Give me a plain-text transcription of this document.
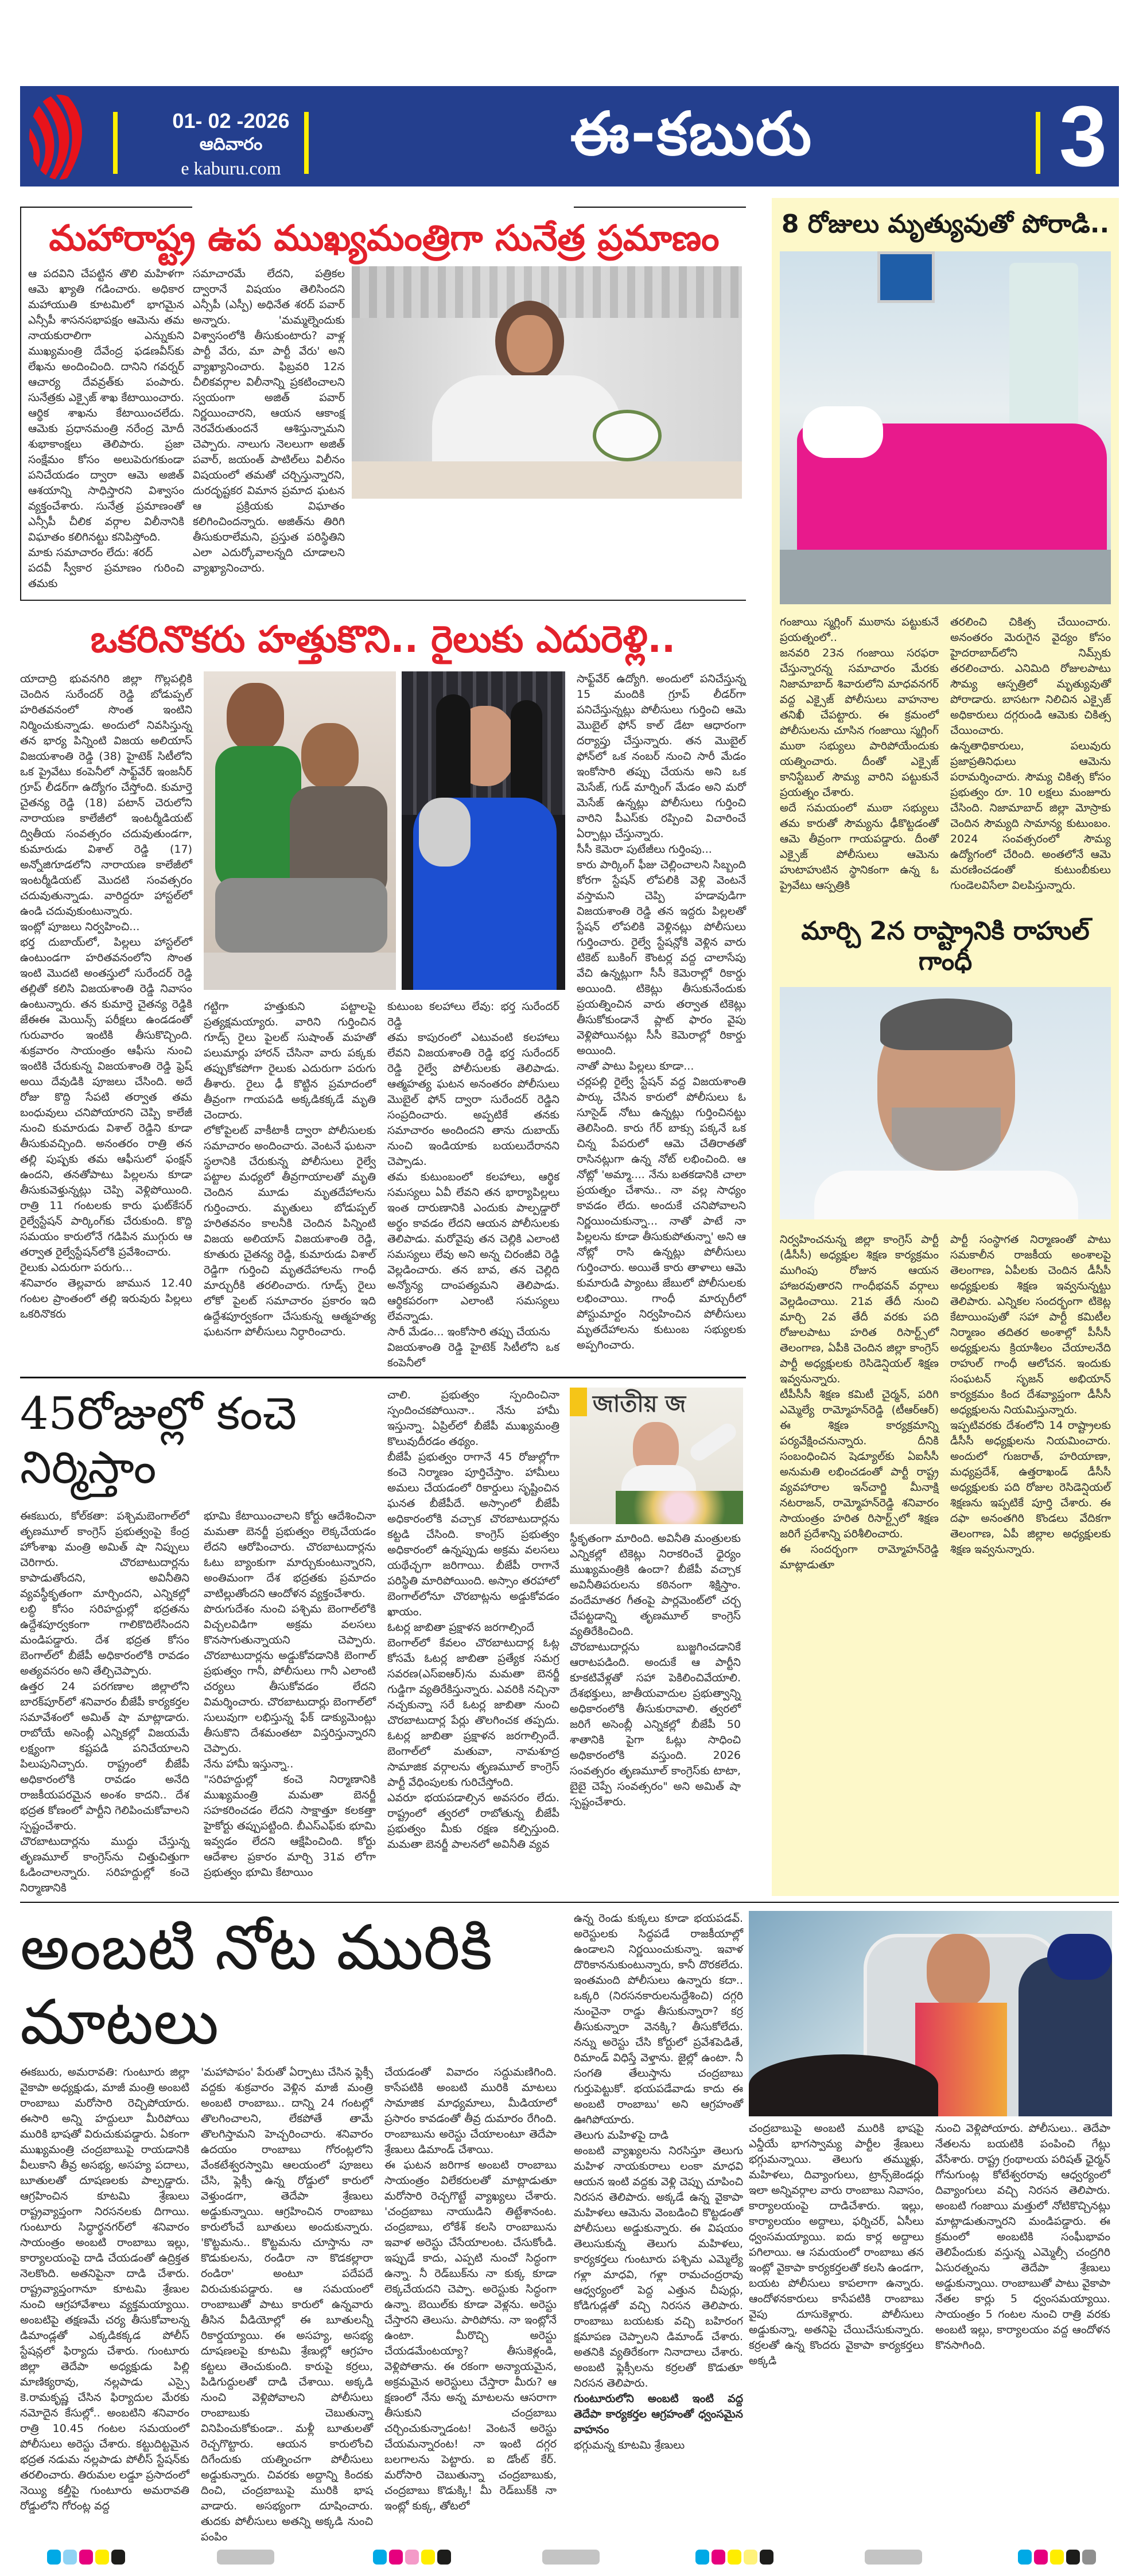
01- 02 -2026
ఆదివారం
e kaburu.com	ఈ-కబురు	3
మహారాష్ట్ర ఉప ముఖ్యమంత్రిగా సునేత్ర ప్రమాణం

ఆ పదవిని చేపట్టిన తొలి మహిళగా ఆమె ఖ్యాతి గడించారు. అధికార మహాయుతి కూటమిలో భాగమైన ఎన్సీపీ శాసనసభాపక్షం ఆమెను తమ నాయకురాలిగా ఎన్నుకుని ముఖ్యమంత్రి దేవేంద్ర ఫడణవీస్‌కు లేఖను అందించింది. దానిని గవర్నర్ ఆచార్య దేవవ్రత్‌కు పంపారు. సునేత్రకు ఎక్సైజ్ శాఖ కేటాయించారు. ఆర్థిక శాఖను కేటాయించలేదు. ఆమెకు ప్రధానమంత్రి నరేంద్ర మోదీ శుభాకాంక్షలు తెలిపారు. ప్రజా సంక్షేమం కోసం అలుపెరుగకుండా పనిచేయడం ద్వారా ఆమె అజిత్ ఆశయాన్ని సాధిస్తారని విశ్వాసం వ్యక్తంచేశారు. సునేత్ర ప్రమాణంతో ఎన్సీపీ చీలిక వర్గాల విలీనానికి విఘాతం కలిగినట్టు కనిపిస్తోంది.

మాకు సమాచారం లేదు: శరద్

పదవీ స్వీకార ప్రమాణం గురించి తమకు

సమాచారమే లేదని, పత్రికల ద్వారానే విషయం తెలిసిందని ఎన్సీపీ (ఎస్పీ) అధినేత శరద్ పవార్ అన్నారు. 'మమ్మల్నెందుకు విశ్వాసంలోకి తీసుకుంటారు? వాళ్ల పార్టీ వేరు, మా పార్టీ వేరు' అని వ్యాఖ్యానించారు. ఫిబ్రవరి 12న చీలికవర్గాల విలీనాన్ని ప్రకటించాలని స్వయంగా అజిత్ పవార్ నిర్ణయించారని, ఆయన ఆకాంక్ష నెరవేరుతుందనే ఆశిస్తున్నామని చెప్పారు. నాలుగు నెలలుగా అజిత్ పవార్, జయంత్ పాటిల్‌లు విలీనం విషయంలో తమతో చర్చిస్తున్నారని, దురదృష్టకర విమాన ప్రమాద ఘటన ఆ ప్రక్రియకు విఘాతం కలిగించిందన్నారు. అజిత్‌ను తిరిగి తీసుకురాలేమని, ప్రస్తుత పరిస్థితిని ఎలా ఎదుర్కోవాలన్నది చూడాలని వ్యాఖ్యానించారు.

ఒకరినొకరు హత్తుకొని.. రైలుకు ఎదురెళ్లి..

యాదాద్రి భువనగిరి జిల్లా గొల్లపల్లికి చెందిన సురేందర్ రెడ్డి బోడుప్పల్ హరితవనంలో సొంత ఇంటిని నిర్మించుకున్నాడు. అందులో నివసిస్తున్న తన భార్య పిన్నింటి విజయ అలియాస్ విజయశాంతి రెడ్డి (38) హైటెక్ సిటీలోని ఒక ప్రైవేటు కంపెనీలో సాఫ్ట్‌వేర్ ఇంజనీర్ గ్రూప్ లీడర్‌గా ఉద్యోగం చేస్తోంది. కుమార్తె చైతన్య రెడ్డి (18) పటాన్ చెరులోని నారాయణ కాలేజీలో ఇంటర్మీడియట్ ద్వితీయ సంవత్సరం చదువుతుండగా, కుమారుడు విశాల్ రెడ్డి (17) అన్నోజిగూడలోని నారాయణ కాలేజీలో ఇంటర్మీడియట్ మొదటి సంవత్సరం చదువుతున్నాడు. వారిద్దరూ హాస్టల్‌లో ఉండి చదువుకుంటున్నారు.

ఇంట్లో పూజలు నిర్వహించి...

భర్త దుబాయ్‌లో, పిల్లలు హాస్టల్‌లో ఉంటుండగా హరితవనంలోని సొంత ఇంటి మొదటి అంతస్తులో సురేందర్ రెడ్డి తల్లితో కలిసి విజయశాంతి రెడ్డి నివాసం ఉంటున్నారు. తన కుమార్తె చైతన్య రెడ్డికి జేఈఈ మెయిన్స్ పరీక్షలు ఉండడంతో గురువారం ఇంటికి తీసుకొచ్చింది. శుక్రవారం సాయంత్రం ఆఫీసు నుంచి ఇంటికి చేరుకున్న విజయశాంతి రెడ్డి ఫ్రెష్ అయి దేవుడికి పూజలు చేసింది. అదే రోజు కొద్ది సేపటి తర్వాత తమ బంధువులు చనిపోయారని చెప్పి కాలేజీ నుంచి కుమారుడు విశాల్ రెడ్డిని కూడా తీసుకువచ్చింది. అనంతరం రాత్రి తన తల్లి పుష్పకు తమ ఆఫీసులో ఫంక్షన్ ఉందని, తనతోపాటు పిల్లలను కూడా తీసుకువెళ్తున్నట్లు చెప్పి వెళ్లిపోయింది. రాత్రి 11 గంటలకు కారు ఘట్‌కేసర్ రైల్వేస్టేషన్ పార్కింగ్‌కు చేరుకుంది. కొద్ది సమయం కారులోనే గడిపిన ముగ్గురు ఆ తర్వాత రైల్వేస్టేషన్‌లోకి ప్రవేశించారు.

రైలుకు ఎదురుగా పరుగు...

శనివారం తెల్లవారు జామున 12.40 గంటల ప్రాంతంలో తల్లి ఇరువురు పిల్లలు ఒకరినొకరు

గట్టిగా హత్తుకుని పట్టాలపై ప్రత్యక్షమయ్యారు. వారిని గుర్తించిన గూడ్స్ రైలు పైలట్ సుషాంత్ మహతో పలుమార్లు హారన్ చేసినా వారు పక్కకు తప్పుకోకపోగా రైలుకు ఎదురుగా పరుగు తీశారు. రైలు ఢీ కొట్టిన ప్రమాదంలో తీవ్రంగా గాయపడి అక్కడికక్కడే మృతి చెందారు.

లోకోపైలట్ వాకీటాకీ ద్వారా పోలీసులకు సమాచారం అందించారు. వెంటనే ఘటనా స్థలానికి చేరుకున్న పోలీసులు రైల్వే పట్టాల మధ్యలో తీవ్రగాయాలతో మృతి చెందిన మూడు మృతదేహాలను గుర్తించారు. మృతులు బోడుప్పల్ హరితవనం కాలనీకి చెందిన పిన్నింటి విజయ అలియాస్ విజయశాంతి రెడ్డి, కూతురు చైతన్య రెడ్డి, కుమారుడు విశాల్ రెడ్డిగా గుర్తించి మృతదేహాలను గాంధీ మార్చురీకి తరలించారు. గూడ్స్ రైలు లోకో పైలట్ సమాచారం ప్రకారం ఇది ఉద్దేశపూర్వకంగా చేసుకున్న ఆత్మహత్య ఘటనగా పోలీసులు నిర్ధారించారు.

కుటుంబ కలహాలు లేవు: భర్త సురేందర్ రెడ్డి

తమ కాపురంలో ఎటువంటి కలహాలు లేవని విజయశాంతి రెడ్డి భర్త సురేందర్ రెడ్డి రైల్వే పోలీసులకు తెలిపాడు. ఆత్మహత్య ఘటన అనంతరం పోలీసులు మొబైల్ ఫోన్ ద్వారా సురేందర్ రెడ్డిని సంప్రదించారు. అప్పటికే తనకు సమాచారం అందిందని తాను దుబాయ్ నుంచి ఇండియాకు బయలుదేరానని చెప్పాడు.

తమ కుటుంబంలో కలహాలు, ఆర్థిక సమస్యలు ఏవీ లేవని తన భార్యాపిల్లలు ఇంత దారుణానికి ఎందుకు పాల్పడ్డారో అర్థం కావడం లేదని ఆయన పోలీసులకు తెలిపాడు. మరోవైపు తన చెల్లికి ఎలాంటి సమస్యలు లేవు అని అన్న చిరంజీవి రెడ్డి వెల్లడించారు. తన బావ, తన చెల్లిది అన్యోన్య దాంపత్యమని తెలిపాడు. ఆర్థికపరంగా ఎలాంటి సమస్యలు లేవన్నాడు.

సారీ మేడం... ఇంకోసారి తప్పు చేయను

విజయశాంతి రెడ్డి హైటెక్ సిటీలోని ఒక కంపెనీలో

సాఫ్ట్‌వేర్ ఉద్యోగి. అందులో పనిచేస్తున్న 15 మందికి గ్రూప్ లీడర్‌గా పనిచేస్తున్నట్లు పోలీసులు గుర్తించి ఆమె మొబైల్ ఫోన్ కాల్ డేటా ఆధారంగా దర్యాప్తు చేస్తున్నారు. తన మొబైల్ ఫోన్‌లో ఒక నంబర్ నుంచి సారీ మేడం ఇంకోసారి తప్పు చేయను అని ఒక మెసేజ్, గుడ్ మార్నింగ్ మేడం అని మరో మెసేజ్ ఉన్నట్లు పోలీసులు గుర్తించి వారిని పీఎస్‌కు రప్పించి విచారించే ఏర్పాట్లు చేస్తున్నారు.

సీసీ కెమెరా పుటేజీలు గుర్తింపు...

కారు పార్కింగ్ ఫీజు చెల్లించాలని సిబ్బంది కోరగా స్టేషన్ లోపలికి వెళ్లి వెంటనే వస్తామని చెప్పి హడావుడిగా విజయశాంతి రెడ్డి తన ఇద్దరు పిల్లలతో స్టేషన్ లోపలికి వెళ్లినట్లు పోలీసులు గుర్తించారు. రైల్వే స్టేషన్లోకి వెళ్లిన వారు టికెట్ బుకింగ్ కౌంటర్ల వద్ద చాలాసేపు వేచి ఉన్నట్లుగా సీసీ కెమెరాల్లో రికార్డు అయింది. టికెట్లు తీసుకునేందుకు ప్రయత్నించిన వారు తర్వాత టికెట్లు తీసుకోకుండానే ప్లాట్ ఫారం వైపు వెళ్లిపోయినట్లు సీసీ కెమెరాల్లో రికార్డు అయింది.

నాతో పాటు పిల్లలు కూడా...

చర్లపల్లి రైల్వే స్టేషన్ వద్ద విజయశాంతి పార్కు చేసిన కారులో పోలీసులు ఓ సూసైడ్ నోటు ఉన్నట్లు గుర్తించినట్టు తెలిసింది. కారు గేర్ బాక్సు పక్కనే ఒక చిన్న పేపరులో ఆమె చేతిరాతతో రాసినట్లుగా ఉన్న నోట్ లభించింది. ఆ నోట్లో 'అమ్మా.... నేను బతకడానికి చాలా ప్రయత్నం చేశాను.. నా వల్ల సాధ్యం కావడం లేదు. అందుకే చనిపోవాలని నిర్ణయించుకున్నా... నాతో పాటే నా పిల్లలను కూడా తీసుకుపోతున్నా' అని ఆ నోట్లో రాసి ఉన్నట్లు పోలీసులు గుర్తించారు. అయితే కారు తాళాలు ఆమె కుమారుడి ప్యాంటు జేబులో పోలీసులకు లభించాయి. గాంధీ మార్చురీలో పోస్టుమార్టం నిర్వహించిన పోలీసులు మృతదేహాలను కుటుంబ సభ్యులకు అప్పగించారు.

45రోజుల్లో కంచె నిర్మిస్తాం

ఈకబురు, కోల్‌కతా: పశ్చిమబెంగాల్‌లో తృణమూల్ కాంగ్రెస్ ప్రభుత్వంపై కేంద్ర హోంశాఖ మంత్రి అమిత్ షా నిప్పులు చెరిగారు. చొరబాటుదార్లను కాపాడుతోందని, అవినీతిని వ్యవస్థీకృతంగా మార్చిందని, ఎన్నికల్లో లబ్ధి కోసం సరిహద్దుల్లో భద్రతను ఉద్దేశపూర్వకంగా గాలికొదిలేసిందని మండిపడ్డారు. దేశ భద్రత కోసం బెంగాల్‌లో బీజేపీ అధికారంలోకి రావడం అత్యవసరం అని తేల్చిచెప్పారు.

ఉత్తర 24 పరగణాల జిల్లాలోని బారక్‌పూర్‌లో శనివారం బీజేపీ కార్యకర్తల సమావేశంలో అమిత్ షా మాట్లాడారు. రాబోయే అసెంబ్లీ ఎన్నికల్లో విజయమే లక్ష్యంగా కష్టపడి పనిచేయాలని పిలుపునిచ్చారు. రాష్ట్రంలో బీజేపీ అధికారంలోకి రావడం అనేది రాజకీయపరమైన అంశం కాదని.. దేశ భద్రత కోణంలో పార్టీని గెలిపించుకోవాలని స్పష్టంచేశారు.

చొరబాటుదార్లను ముద్దు చేస్తున్న తృణమూల్ కాంగ్రెస్‌ను చిత్తుచిత్తుగా ఓడించాలన్నారు. సరిహద్దుల్లో కంచె నిర్మాణానికి

భూమి కేటాయించాలని కోర్టు ఆదేశించినా మమతా బెనర్జీ ప్రభుత్వం లెక్కచేయడం లేదని ఆరోపించారు. చొరబాటుదార్లను ఓటు బ్యాంకుగా మార్చుకుంటున్నారని, అంతిమంగా దేశ భద్రతకు ప్రమాదం వాటిల్లుతోందని ఆందోళన వ్యక్తంచేశారు.

పొరుగుదేశం నుంచి పశ్చిమ బెంగాల్‌లోకి విచ్చలవిడిగా అక్రమ వలసలు కొనసాగుతున్నాయని చెప్పారు. చొరబాటుదార్లను అడ్డుకోవడానికి బెంగాల్ ప్రభుత్వం గానీ, పోలీసులు గానీ ఎలాంటి చర్యలు తీసుకోవడం లేదని విమర్శించారు. చొరబాటుదార్లు బెంగాల్‌లో సులువుగా లభిస్తున్న ఫేక్ డాక్యుమెంట్లు తీసుకొని దేశమంతటా విస్తరిస్తున్నారని చెప్పారు.

నేను హామీ ఇస్తున్నా..

"సరిహద్దుల్లో కంచె నిర్మాణానికి ముఖ్యమంత్రి మమతా బెనర్జీ సహకరించడం లేదని సాక్షాత్తూ కలకత్తా హైకోర్టు తప్పుపట్టింది. బీఎస్ఎఫ్‌కు భూమి ఇవ్వడం లేదని ఆక్షేపించింది. కోర్టు ఆదేశాల ప్రకారం మార్చి 31వ లోగా ప్రభుత్వం భూమి కేటాయిం

చాలి. ప్రభుత్వం స్పందించినా స్పందించకపోయినా.. నేను హామీ ఇస్తున్నా. ఏప్రిల్‌లో బీజేపీ ముఖ్యమంత్రి కొలువుదీరడం తథ్యం.

బీజేపీ ప్రభుత్వం రాగానే 45 రోజుల్లోగా కంచె నిర్మాణం పూర్తిచేస్తాం. హామీలు అమలు చేయడంలో రికార్డులు సృష్టించిన ఘనత బీజేపీదే. అస్సాంలో బీజేపీ అధికారంలోకి వచ్చాక చొరబాటుదార్లను కట్టడి చేసింది. కాంగ్రెస్ ప్రభుత్వం అధికారంలో ఉన్నప్పుడు అక్రమ వలసలు యథేచ్ఛగా జరిగాయి. బీజేపీ రాగానే పరిస్థితి మారిపోయింది. అస్సాం తరహాలో బెంగాల్‌లోనూ చొరబాట్లను అడ్డుకోవడం ఖాయం.

ఓటర్ల జాబితా ప్రక్షాళన జరగాల్సిందే

బెంగాల్‌లో కేవలం చొరబాటుదార్ల ఓట్ల కోసమే ఓటర్ల జాబితా ప్రత్యేక సమగ్ర సవరణ(ఎస్ఐఆర్)ను మమతా బెనర్జీ గుడ్డిగా వ్యతిరేకిస్తున్నారు. ఎవరికి నచ్చినా నచ్చకున్నా సరే ఓటర్ల జాబితా నుంచి చొరబాటుదార్ల పేర్లు తొలగించక తప్పదు. ఓటర్ల జాబితా ప్రక్షాళన జరగాల్సిందే. బెంగాల్‌లో మతువా, నామశూద్ర సామాజిక వర్గాలను తృణమూల్ కాంగ్రెస్ పార్టీ వేధింపులకు గురిచేస్తోంది.

ఎవరూ భయపడాల్సిన అవసరం లేదు. రాష్ట్రంలో త్వరలో రాబోతున్న బీజేపీ ప్రభుత్వం మీకు రక్షణ కల్పిస్తుంది. మమతా బెనర్జీ పాలనలో అవినీతి వ్యవ

জাতীয় জ

స్థీకృతంగా మారింది. అవినీతి మంత్రులకు ఎన్నికల్లో టికెట్లు నిరాకరించే ధైర్యం ముఖ్యమంత్రికి ఉందా? బీజేపీ వచ్చాక అవినీతిపరులను కఠినంగా శిక్షిస్తాం. వందేమాతర గీతంపై పార్లమెంట్‌లో చర్చ చేపట్టడాన్ని తృణమూల్ కాంగ్రెస్ వ్యతిరేకించింది.

చొరబాటుదార్లను బుజ్జగించడానికే ఆరాటపడింది. అందుకే ఆ పార్టీని కూకటివేళ్లతో సహా పెకిలించివేయాలి. దేశభక్తులు, జాతీయవాదుల ప్రభుత్వాన్ని అధికారంలోకి తీసుకురావాలి. త్వరలో జరిగే అసెంబ్లీ ఎన్నికల్లో బీజేపీ 50 శాతానికి పైగా ఓట్లు సాధించి అధికారంలోకి వస్తుంది. 2026 సంవత్సరం తృణమూల్ కాంగ్రెస్‌కు టాటా, బైబై చెప్పే సంవత్సరం" అని అమిత్ షా స్పష్టంచేశారు.

8 రోజులు మృత్యువుతో పోరాడి..

గంజాయి స్మగ్లింగ్ ముఠాను పట్టుకునే ప్రయత్నంలో..

జనవరి 23న గంజాయి సరఫరా చేస్తున్నారన్న సమాచారం మేరకు నిజామాబాద్ శివారులోని మాధవనగర్ వద్ద ఎక్సైజ్ పోలీసులు వాహనాల తనిఖీ చేపట్టారు. ఈ క్రమంలో పోలీసులను చూసిన గంజాయి స్మగ్లింగ్ ముఠా సభ్యులు పారిపోయేందుకు యత్నించారు. దీంతో ఎక్సైజ్ కానిస్టేబుల్ సౌమ్య వారిని పట్టుకునే ప్రయత్నం చేశారు.

అదే సమయంలో ముఠా సభ్యులు తమ కారుతో సౌమ్యను ఢీకొట్టడంతో ఆమె తీవ్రంగా గాయపడ్డారు. దీంతో ఎక్సైజ్ పోలీసులు ఆమెను హుటాహుటిన స్థానికంగా ఉన్న ఓ ప్రైవేటు ఆస్పత్రికి

తరలించి చికిత్స చేయించారు. అనంతరం మెరుగైన వైద్యం కోసం హైదరాబాద్‌లోని నిమ్స్‌కు తరలించారు. ఎనిమిది రోజులపాటు సౌమ్య ఆస్పత్రిలో మృత్యువుతో పోరాడారు. బాసటగా నిలిచిన ఎక్సైజ్ అధికారులు దగ్గరుండి ఆమెకు చికిత్స చేయించారు.

ఉన్నతాధికారులు, పలువురు ప్రజాప్రతినిధులు ఆమెను పరామర్శించారు. సౌమ్య చికిత్స కోసం ప్రభుత్వం రూ. 10 లక్షలు మంజూరు చేసింది. నిజామాబాద్ జిల్లా మోస్రాకు చెందిన సౌమ్యది సామాన్య కుటుంబం. 2024 సంవత్సరంలో సౌమ్య ఉద్యోగంలో చేరింది. అంతలోనే ఆమె మరణించడంతో కుటుంబీకులు గుండెలవిసేలా విలపిస్తున్నారు.

మార్చి 2న రాష్ట్రానికి రాహుల్ గాంధీ

నిర్వహించనున్న జిల్లా కాంగ్రెస్ పార్టీ (డీసీసీ) అధ్యక్షుల శిక్షణ కార్యక్రమం ముగింపు రోజున ఆయన హాజరవుతారని గాంధీభవన్ వర్గాలు వెల్లడించాయి. 21వ తేదీ నుంచి మార్చి 2వ తేదీ వరకు పది రోజులపాటు హరిత రిసార్ట్స్‌లో తెలంగాణ, ఏపీకి చెందిన జిల్లా కాంగ్రెస్ పార్టీ అధ్యక్షులకు రెసిడెన్షియల్ శిక్షణ ఇవ్వనున్నారు.

టీపీసీసీ శిక్షణ కమిటీ చైర్మన్, పరిగి ఎమ్మెల్యే రామ్మోహన్‌రెడ్డి (టీఆర్ఆర్) ఈ శిక్షణ కార్యక్రమాన్ని పర్యవేక్షించనున్నారు. దీనికి సంబంధించిన షెడ్యూల్‌కు ఏఐసీసీ అనుమతి లభించడంతో పార్టీ రాష్ట్ర వ్యవహారాల ఇన్‌చార్జి మీనాక్షి నటరాజన్, రామ్మోహన్‌రెడ్డి శనివారం సాయంత్రం హరిత రిసార్ట్స్‌లో శిక్షణ జరిగే ప్రదేశాన్ని పరిశీలించారు.

ఈ సందర్భంగా రామ్మోహన్‌రెడ్డి మాట్లాడుతూ

పార్టీ సంస్థాగత నిర్మాణంతో పాటు సమకాలీన రాజకీయ అంశాలపై తెలంగాణ, ఏపీలకు చెందిన డీసీసీ అధ్యక్షులకు శిక్షణ ఇవ్వనున్నట్టు తెలిపారు. ఎన్నికల సందర్భంగా టికెట్ల కేటాయింపుతో సహా పార్టీ కమిటీల నిర్మాణం తదితర అంశాల్లో పీసీసీ అధ్యక్షులను క్రియాశీలం చేయాలనేది రాహుల్ గాంధీ ఆలోచన. ఇందుకు సంఘటన్ సృజన్ అభియాన్ కార్యక్రమం కింద దేశవ్యాప్తంగా డీసీసీ అధ్యక్షులను నియమిస్తున్నారు.

ఇప్పటివరకు దేశంలోని 14 రాష్ట్రాలకు డీసీసీ అధ్యక్షులను నియమించారు. అందులో గుజరాత్, హరియాణా, మధ్యప్రదేశ్, ఉత్తరాఖండ్ డీసీసీ అధ్యక్షులకు పది రోజుల రెసిడెన్షియల్ శిక్షణను ఇప్పటికే పూర్తి చేశారు. ఈ దఫా అనంతగిరి కొండలు వేదికగా తెలంగాణ, ఏపీ జిల్లాల అధ్యక్షులకు శిక్షణ ఇవ్వనున్నారు.

అంబటి నోట మురికి మాటలు

ఈకబురు, అమరావతి: గుంటూరు జిల్లా వైకాపా అధ్యక్షుడు, మాజీ మంత్రి అంబటి రాంబాబు మరోసారి రెచ్చిపోయారు. ఈసారి అన్ని హద్దులూ మీరిపోయి మురికి భాషతో విరుచుకుపడ్డారు. ఏకంగా ముఖ్యమంత్రి చంద్రబాబుపై రాయడానికి వీలుకాని తీవ్ర అసభ్య, అసహ్య పదాలు, బూతులతో దూషణలకు పాల్పడ్డారు. ఆగ్రహించిన కూటమి శ్రేణులు రాష్ట్రవ్యాప్తంగా నిరసనలకు దిగాయి. గుంటూరు సిద్ధార్థనగర్‌లో శనివారం సాయంత్రం అంబటి రాంబాబు ఇల్లు, కార్యాలయంపై దాడి చేయడంతో ఉద్రిక్తత నెలకొంది. అతనిపైనా దాడి చేశారు. రాష్ట్రవ్యాప్తంగానూ కూటమి శ్రేణుల నుంచి ఆగ్రహావేశాలు వ్యక్తమయ్యాయి. అంబటిపై తక్షణమే చర్య తీసుకోవాలన్న డిమాండ్లతో ఎక్కడికక్కడ పోలీస్ స్టేషన్లలో ఫిర్యాదు చేశారు. గుంటూరు జిల్లా తెదేపా అధ్యక్షుడు పిల్లి మాణిక్యరావు, నల్లపాడు ఎస్సై కె.రామకృష్ణ చేసిన ఫిర్యాదుల మేరకు నమోదైన కేసుల్లో.. అంబటిని శనివారం రాత్రి 10.45 గంటల సమయంలో పోలీసులు అరెస్టు చేశారు. కట్టుదిట్టమైన భద్రత నడుమ నల్లపాడు పోలీస్ స్టేషన్‌కు తరలించారు. తిరుమల లడ్డూ ప్రసాదంలో నెయ్యి కల్తీపై గుంటూరు అమరావతి రోడ్డులోని గోరంట్ల వద్ద

'మహాపాపం' పేరుతో ఏర్పాటు చేసిన ఫ్లెక్సీ వద్దకు శుక్రవారం వెళ్లిన మాజీ మంత్రి అంబటి రాంబాబు.. దాన్ని 24 గంటల్లో తొలగించాలని, లేకపోతే తామే తొలగిస్తామని హెచ్చరించారు. శనివారం ఉదయం రాంబాబు గోరంట్లలోని వేంకటేశ్వరస్వామి ఆలయంలో పూజలు చేసి, ఫ్లెక్సీ ఉన్న రోడ్డులో కారులో వెళ్తుండగా, తెదేపా శ్రేణులు అడ్డుకున్నాయి. ఆగ్రహించిన రాంబాబు కారులోంచే బూతులు అందుకున్నారు. 'కొట్టమను.. కొట్టమను చూస్తాను నా కొడుకులను, రండిరా నా కొడకల్లారా రండిరా' అంటూ పదేపదే విరుచుకుపడ్డారు. ఆ సమయంలో రాంబాబుతో పాటు కారులో ఉన్నవారు తీసిన వీడియోల్లో ఈ బూతులన్నీ రికార్డయ్యాయి. ఈ అసహ్య, అసభ్య దూషణలపై కూటమి శ్రేణుల్లో ఆగ్రహం కట్టలు తెంచుకుంది. కారుపై కర్రలు, పిడిగుద్దులతో దాడి చేశాయి. అక్కడి నుంచి వెళ్లిపోవాలని పోలీసులు రాంబాబుకు చెబుతున్నా వినిపించుకోకుండా.. మళ్లీ బూతులతో రెచ్చగొట్టారు. ఆయన కారులోంచి దిగేందుకు యత్నించగా పోలీసులు అడ్డుకున్నారు. చివరకు అద్దాన్ని కిందకు దించి, చంద్రబాబుపై మురికి భాష వాడారు. అసభ్యంగా దూషించారు. తుదకు పోలీసులు అతన్ని అక్కడి నుంచి పంపిం

చేయడంతో వివాదం సద్దుమణిగింది. కాసేపటికి అంబటి మురికి మాటలు సామాజిక మాధ్యమాలు, మీడియాలో ప్రసారం కావడంతో తీవ్ర దుమారం రేగింది. రాంబాబును అరెస్టు చేయాలంటూ తెదేపా శ్రేణులు డిమాండ్ చేశాయి.

ఈ ఘటన జరిగాక అంబటి రాంబాబు సాయంత్రం విలేకరులతో మాట్లాడుతూ మరోసారి రెచ్చగొట్టే వ్యాఖ్యలు చేశారు. 'చంద్రబాబు నాయుడిని తిట్టేశానంట. చంద్రబాబు, లోకేశ్ కలసి రాంబాబును ఇవాళ అరెస్టు చేసేయాలంట. చేసుకోండి. ఇప్పుడే కాదు, ఎప్పటి నుంచో సిద్ధంగా ఉన్నా. నీ రెడ్‌బుక్‌ను నా కుక్క కూడా లెక్కచేయదని చెప్పా. అరెస్టుకు సిద్ధంగా ఉన్నా. బెయిల్‌కు కూడా వెళ్లను. అరెస్టు చేస్తారని తెలుసు. పారిపోను. నా ఇంట్లోనే ఉంటా. మీరొచ్చి అరెస్టు చేయడమేంటయ్యా? తీసుకెళ్లండి, వెళ్లిపోతాను. ఈ రకంగా అన్యాయమైన, అక్రమమైన అరెస్టులు చేస్తారా మీరు? ఆ క్షణంలో నేను అన్న మాటలను ఆసరాగా తీసుకుని చంద్రబాబు చర్చించుకున్నాడంట! వెంటనే అరెస్టు చేయమన్నారంట! నా ఇంటి దగ్గర బలగాలను పెట్టారు. ఐ డోంట్ కేర్. మరోసారి చెబుతున్నా చంద్రబాబుకు, చంద్రబాబు కొడుక్కి! మీ రెడ్‌బుక్‌కి నా ఇంట్లో కుక్క, తోటలో

ఉన్న రెండు కుక్కలు కూడా భయపడవ్. అరెస్టులకు సిద్ధపడే రాజకీయాల్లో ఉండాలని నిర్ణయించుకున్నా. ఇవాళ దొరికాననుకుంటున్నారు, కానీ దొరకలేదు. ఇంతమంది పోలీసులు ఉన్నారు కదా.. ఒక్కరి (నిరసనకారులనుద్దేశించి) దగ్గరి నుంచైనా రాడ్డు తీసుకున్నారా? కర్ర తీసుకున్నారా వెనక్కి? తీసుకోలేదు. నన్ను అరెస్టు చేసి కోర్టులో ప్రవేశపెడితే, రిమాండ్ విధిస్తే వెళ్తాను. జైల్లో ఉంటా. నీ సంగతి తేలుస్తాను చంద్రబాబు గుర్తుపెట్టుకో. భయపడేవాడు కాదు ఈ అంబటి రాంబాబు' అని ఆగ్రహంతో ఊగిపోయారు.

తెలుగు మహిళపై దాడి

అంబటి వ్యాఖ్యలను నిరసిస్తూ తెలుగు మహిళ నాయకురాలు లంకా మాధవి ఆయన ఇంటి వద్దకు వెళ్లి చెప్పు చూపించి నిరసన తెలిపారు. అక్కడే ఉన్న వైకాపా మహిళలు ఆమెను వెంబడించి కొట్టడంతో పోలీసులు అడ్డుకున్నారు. ఈ విషయం తెలుసుకున్న తెలుగు మహిళలు, కార్యకర్తలు గుంటూరు పశ్చిమ ఎమ్మెల్యే గళ్లా మాధవి, గళ్లా రామచంద్రరావు ఆధ్వర్యంలో పెద్ద ఎత్తున చీపుర్లు, కోడిగుడ్లతో వచ్చి నిరసన తెలిపారు. రాంబాబు బయటకు వచ్చి బహిరంగ క్షమాపణ చెప్పాలని డిమాండ్ చేశారు. అతనికి వ్యతిరేకంగా నినాదాలు చేశారు. అంబటి ఫ్లెక్సీలను కర్రలతో కొడుతూ నిరసన తెలిపారు.

గుంటూరులోని అంబటి ఇంటి వద్ద తెదేపా కార్యకర్తల ఆగ్రహంతో ధ్వంసమైన వాహనం

భగ్గుమన్న కూటమి శ్రేణులు

చంద్రబాబుపై అంబటి మురికి భాషపై ఎన్డీయే భాగస్వామ్య పార్టీల శ్రేణులు భగ్గుమన్నాయి. తెలుగు తమ్ముళ్లు, మహిళలు, దివ్యాంగులు, ట్రాన్స్‌జెండర్లు ఇలా అన్నివర్గాల వారు రాంబాబు నివాసం, కార్యాలయంపై దాడిచేశారు. ఇల్లు, కార్యాలయం అద్దాలు, ఫర్నిచర్, ఏసీలు ధ్వంసమయ్యాయి. ఐదు కార్ల అద్దాలు పగిలాయి. ఆ సమయంలో రాంబాబు తన ఇంట్లో వైకాపా కార్యకర్తలతో కలసి ఉండగా, బయట పోలీసులు కాపలాగా ఉన్నారు. ఆందోళనకారులు కాసేపటికి రాంబాబు వైపు దూసుకెళ్లారు. పోలీసులు అడ్డుకున్నా, అతనిపై చేయిచేసుకున్నారు. కర్రలతో ఉన్న కొందరు వైకాపా కార్యకర్తలు అక్కడి

నుంచి వెళ్లిపోయారు. పోలీసులు.. తెదేపా నేతలను బయటికి పంపించి గేట్లు వేసేశారు. రాష్ట్ర గ్రంథాలయ పరిషత్ ఛైర్మన్ గోనుగుంట్ల కోటేశ్వరరావు ఆధ్వర్యంలో దివ్యాంగులు వచ్చి నిరసన తెలిపారు. అంబటి గంజాయి మత్తులో నోటికొచ్చినట్లు మాట్లాడుతున్నారని మండిపడ్డారు. ఈ క్రమంలో అంబటికి సంఘీభావం తెలిపేందుకు వస్తున్న ఎమ్మెల్సీ చంద్రగిరి ఏసురత్నంను తెదేపా శ్రేణులు అడ్డుకున్నాయి. రాంబాబుతో పాటు వైకాపా నేతల కార్లు 5 ధ్వంసమయ్యాయి. సాయంత్రం 5 గంటల నుంచి రాత్రి వరకు అంబటి ఇల్లు, కార్యాలయం వద్ద ఆందోళన కొనసాగింది.
